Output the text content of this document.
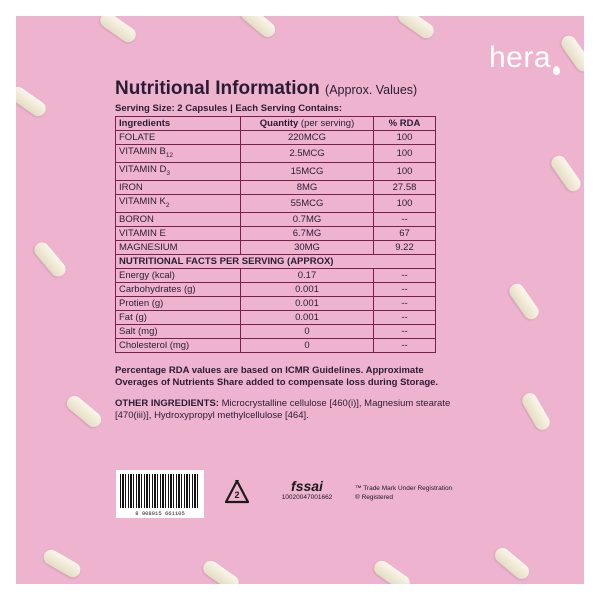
hera
Nutritional Information (Approx. Values)
Serving Size: 2 Capsules | Each Serving Contains:
Ingredients	Quantity (per serving)	% RDA
FOLATE	220MCG	100
VITAMIN $B_{12}$	2.5MCG	100
VITAMIN $D_3$	15MCG	100
IRON	8MG	27.58
VITAMIN $K_2$	55MCG	100
BORON	0.7MG	--
VITAMIN E	6.7MG	67
MAGNESIUM	30MG	9.22
NUTRITIONAL FACTS PER SERVING (APPROX)		
Energy (kcal)	0.17	--
Carbohydrates (g)	0.001	--
Protien (g)	0.001	--
Fat (g)	0.001	--
Salt (mg)	0	--
Cholesterol (mg)	0	--
Percentage RDA values are based on ICMR Guidelines. Approximate Overages of Nutrients Share added to compensate loss during Storage.
OTHER INGREDIENTS: Microcrystalline cellulose [460(i)], Magnesium stearate [470(iii)], Hydroxypropyl methylcellulose [464].
8 908015 661105
2
fssai
10020047001662
™ Trade Mark Under Registration
® Registered
